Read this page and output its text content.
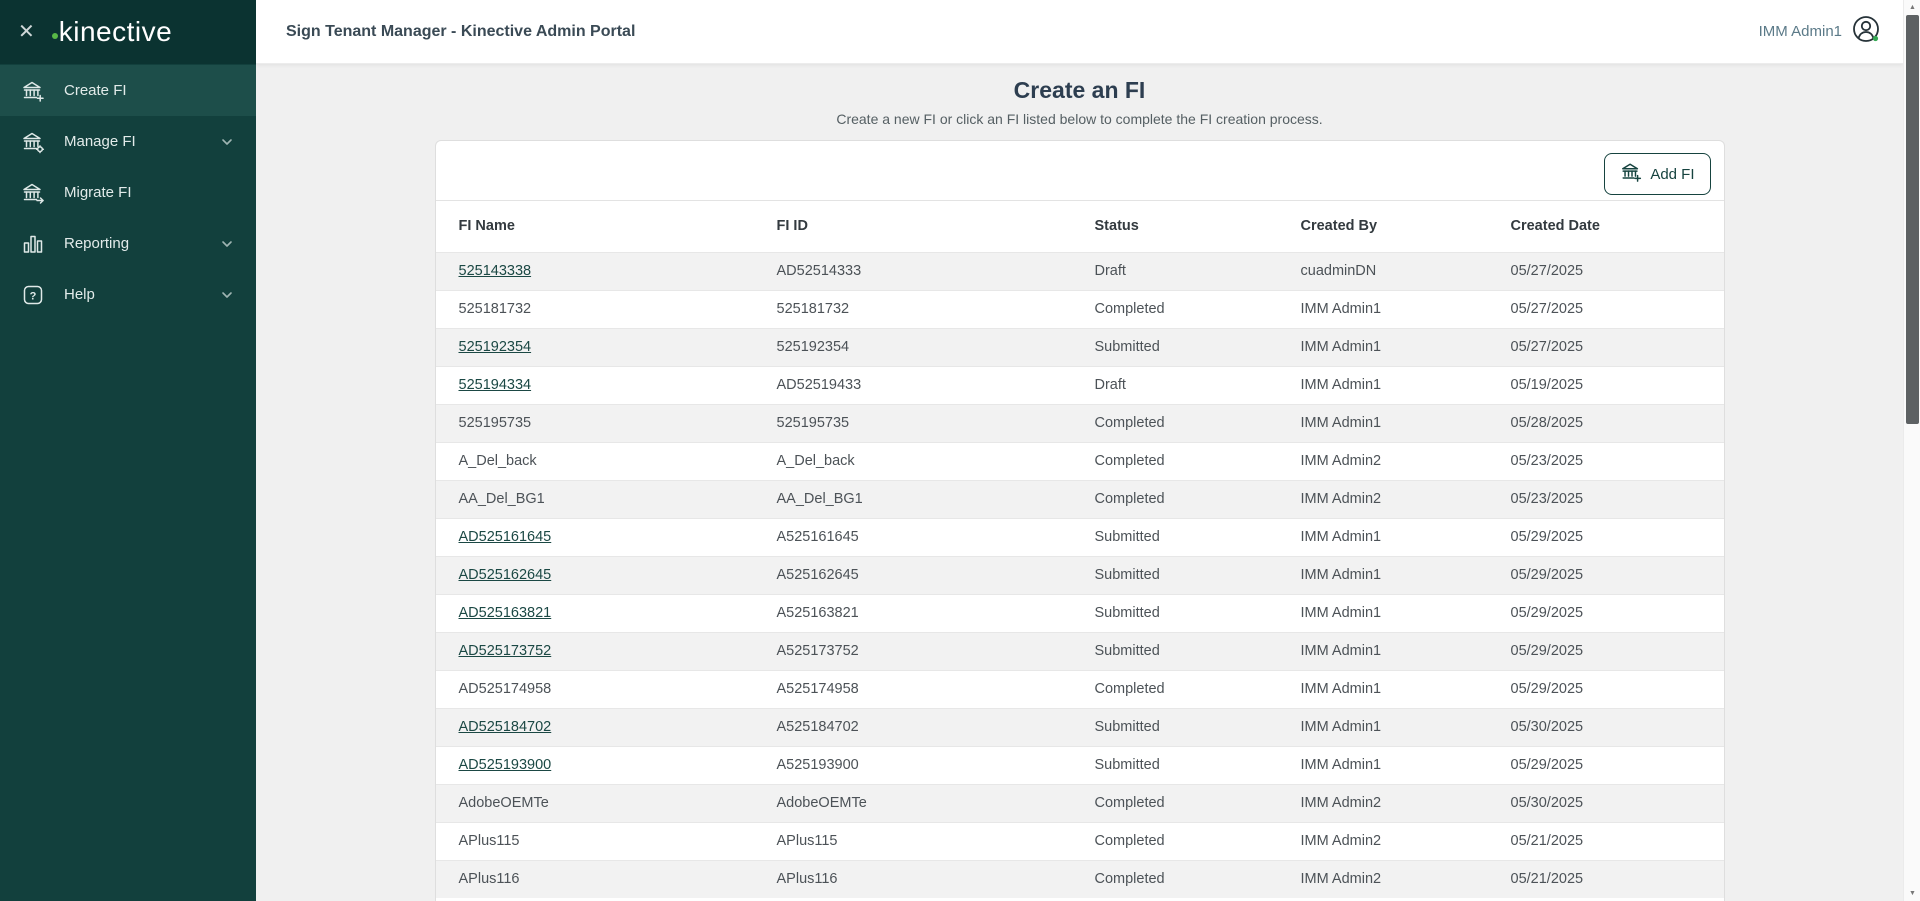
✕ kinective
Create FI
Manage FI
Migrate FI
Reporting
? Help
Sign Tenant Manager - Kinective Admin Portal	IMM Admin1
Create an FI
Create a new FI or click an FI listed below to complete the FI creation process.
Add FI
FI Name	FI ID	Status	Created By	Created Date
525143338	AD52514333	Draft	cuadminDN	05/27/2025
525181732	525181732	Completed	IMM Admin1	05/27/2025
525192354	525192354	Submitted	IMM Admin1	05/27/2025
525194334	AD52519433	Draft	IMM Admin1	05/19/2025
525195735	525195735	Completed	IMM Admin1	05/28/2025
A_Del_back	A_Del_back	Completed	IMM Admin2	05/23/2025
AA_Del_BG1	AA_Del_BG1	Completed	IMM Admin2	05/23/2025
AD525161645	A525161645	Submitted	IMM Admin1	05/29/2025
AD525162645	A525162645	Submitted	IMM Admin1	05/29/2025
AD525163821	A525163821	Submitted	IMM Admin1	05/29/2025
AD525173752	A525173752	Submitted	IMM Admin1	05/29/2025
AD525174958	A525174958	Completed	IMM Admin1	05/29/2025
AD525184702	A525184702	Submitted	IMM Admin1	05/30/2025
AD525193900	A525193900	Submitted	IMM Admin1	05/29/2025
AdobeOEMTe	AdobeOEMTe	Completed	IMM Admin2	05/30/2025
APlus115	APlus115	Completed	IMM Admin2	05/21/2025
APlus116	APlus116	Completed	IMM Admin2	05/21/2025
▲
▼
